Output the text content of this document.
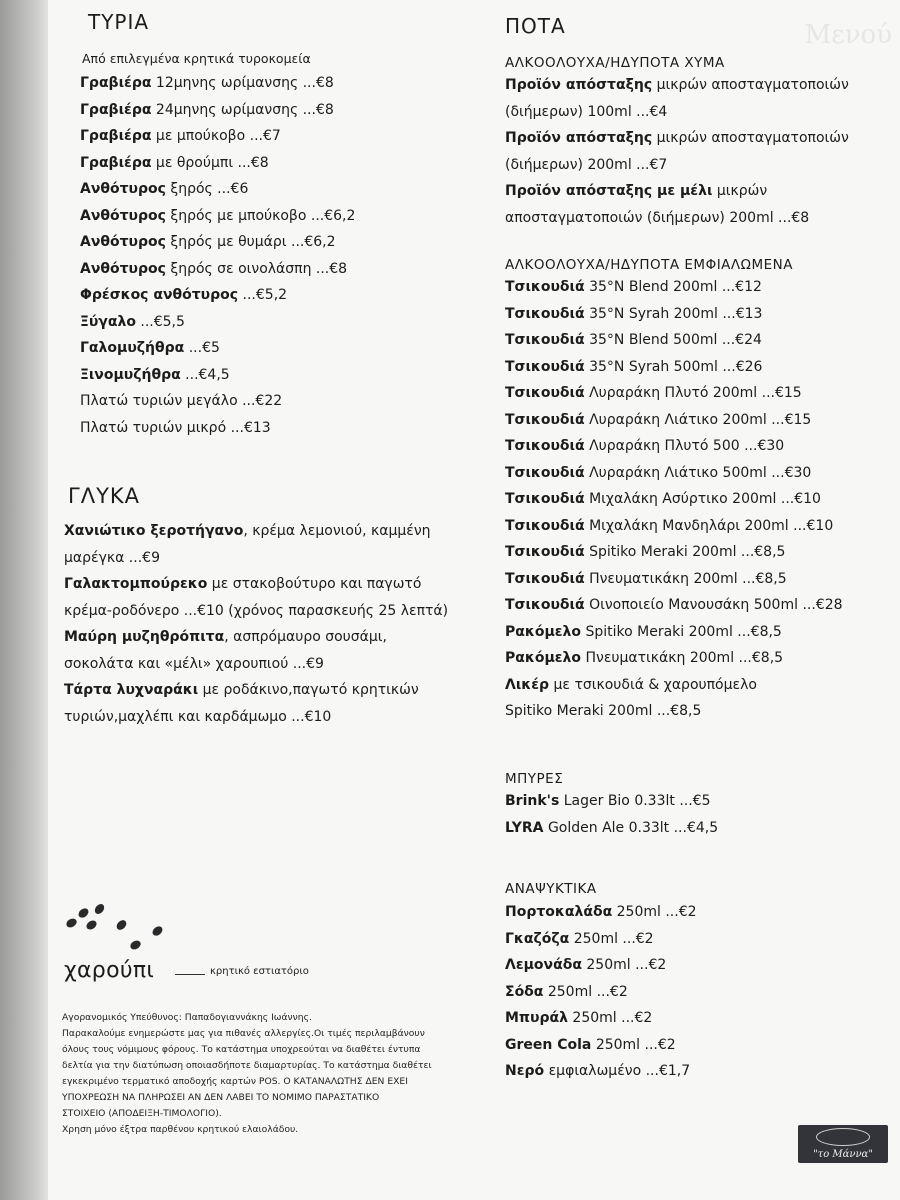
Μενού
ΤΥΡΙΑ
Από επιλεγμένα κρητικά τυροκομεία
Γραβιέρα 12μηνης ωρίμανσης ...€8
Γραβιέρα 24μηνης ωρίμανσης ...€8
Γραβιέρα με μπούκοβο ...€7
Γραβιέρα με θρούμπι ...€8
Ανθότυρος ξηρός ...€6
Ανθότυρος ξηρός με μπούκοβο ...€6,2
Ανθότυρος ξηρός με θυμάρι ...€6,2
Ανθότυρος ξηρός σε οινολάσπη ...€8
Φρέσκος ανθότυρος ...€5,2
Ξύγαλο ...€5,5
Γαλομυζήθρα ...€5
Ξινομυζήθρα ...€4,5
Πλατώ τυριών μεγάλο ...€22
Πλατώ τυριών μικρό ...€13
ΓΛΥΚΑ
Χανιώτικο ξεροτήγανο, κρέμα λεμονιού, καμμένη
μαρέγκα ...€9
Γαλακτομπούρεκο με στακοβούτυρο και παγωτό
κρέμα-ροδόνερο ...€10 (χρόνος παρασκευής 25 λεπτά)
Μαύρη μυζηθρόπιτα, ασπρόμαυρο σουσάμι,
σοκολάτα και «μέλι» χαρουπιού ...€9
Τάρτα λυχναράκι με ροδάκινο,παγωτό κρητικών
τυριών,μαχλέπι και καρδάμωμο ...€10
χαρούπι	κρητικό εστιατόριο
Αγορανομικός Υπεύθυνος: Παπαδογιαννάκης Ιωάννης.
Παρακαλούμε ενημερώστε μας για πιθανές αλλεργίες.Οι τιμές περιλαμβάνουν
όλους τους νόμιμους φόρους. Το κατάστημα υποχρεούται να διαθέτει έντυπα
δελτία για την διατύπωση οποιασδήποτε διαμαρτυρίας. Το κατάστημα διαθέτει
εγκεκριμένο τερματικό αποδοχής καρτών POS. Ο ΚΑΤΑΝΑΛΩΤΗΣ ΔΕΝ ΕΧΕΙ
ΥΠΟΧΡΕΩΣΗ ΝΑ ΠΛΗΡΩΣΕΙ ΑΝ ΔΕΝ ΛΑΒΕΙ ΤΟ ΝΟΜΙΜΟ ΠΑΡΑΣΤΑΤΙΚΟ
ΣΤΟΙΧΕΙΟ (ΑΠΟΔΕΙΞΗ-ΤΙΜΟΛΟΓΙΟ).
Χρηση μόνο έξτρα παρθένου κρητικού ελαιολάδου.
ΠΟΤΑ
ΑΛΚΟΟΛΟΥΧΑ/ΗΔΥΠΟΤΑ ΧΥΜΑ
Προϊόν απόσταξης μικρών αποσταγματοποιών
(διήμερων) 100ml ...€4
Προϊόν απόσταξης μικρών αποσταγματοποιών
(διήμερων) 200ml ...€7
Προϊόν απόσταξης με μέλι μικρών
αποσταγματοποιών (διήμερων) 200ml ...€8
ΑΛΚΟΟΛΟΥΧΑ/ΗΔΥΠΟΤΑ ΕΜΦΙΑΛΩΜΕΝΑ
Τσικουδιά 35°N Blend 200ml ...€12
Τσικουδιά 35°N Syrah 200ml ...€13
Τσικουδιά 35°N Blend 500ml ...€24
Τσικουδιά 35°N Syrah 500ml ...€26
Τσικουδιά Λυραράκη Πλυτό 200ml ...€15
Τσικουδιά Λυραράκη Λιάτικο 200ml ...€15
Τσικουδιά Λυραράκη Πλυτό 500 ...€30
Τσικουδιά Λυραράκη Λιάτικο 500ml ...€30
Τσικουδιά Μιχαλάκη Ασύρτικο 200ml ...€10
Τσικουδιά Μιχαλάκη Μανδηλάρι 200ml ...€10
Τσικουδιά Spitiko Meraki 200ml ...€8,5
Τσικουδιά Πνευματικάκη 200ml ...€8,5
Τσικουδιά Οινοποιείο Μανουσάκη 500ml ...€28
Ρακόμελο Spitiko Meraki 200ml ...€8,5
Ρακόμελο Πνευματικάκη 200ml ...€8,5
Λικέρ με τσικουδιά & χαρουπόμελο
Spitiko Meraki 200ml ...€8,5
ΜΠΥΡΕΣ
Brink's Lager Bio 0.33lt ...€5
LYRA Golden Ale 0.33lt ...€4,5
ΑΝΑΨΥΚΤΙΚΑ
Πορτοκαλάδα 250ml ...€2
Γκαζόζα 250ml ...€2
Λεμονάδα 250ml ...€2
Σόδα 250ml ...€2
Μπυράλ 250ml ...€2
Green Cola 250ml ...€2
Νερό εμφιαλωμένο ...€1,7
"το Μάννα"
